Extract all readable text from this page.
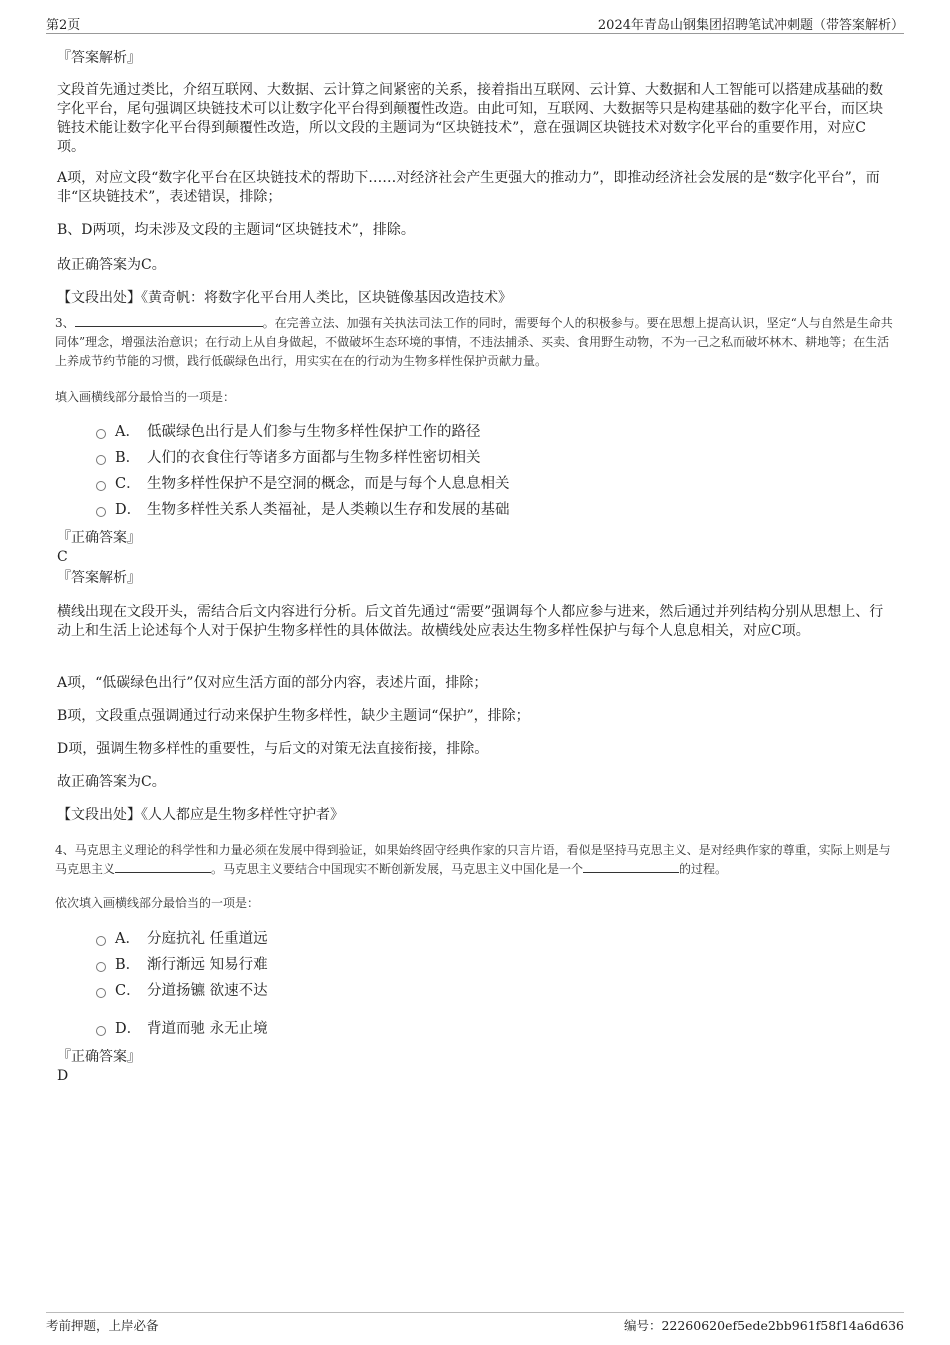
第2页	2024年青岛山钢集团招聘笔试冲刺题（带答案解析）
『答案解析』
文段首先通过类比，介绍互联网、大数据、云计算之间紧密的关系，接着指出互联网、云计算、大数据和人工智能可以搭建成基础的数字化平台，尾句强调区块链技术可以让数字化平台得到颠覆性改造。由此可知，互联网、大数据等只是构建基础的数字化平台，而区块链技术能让数字化平台得到颠覆性改造，所以文段的主题词为“区块链技术”，意在强调区块链技术对数字化平台的重要作用，对应C项。
A项，对应文段“数字化平台在区块链技术的帮助下……对经济社会产生更强大的推动力”，即推动经济社会发展的是“数字化平台”，而非“区块链技术”，表述错误，排除；
B、D两项，均未涉及文段的主题词“区块链技术”，排除。
故正确答案为C。
【文段出处】《黄奇帆：将数字化平台用人类比，区块链像基因改造技术》
3、	。在完善立法、加强有关执法司法工作的同时，需要每个人的积极参与。要在思想上提高认识，坚定“人与自然是生命共同体”理念，增强法治意识；在行动上从自身做起，不做破坏生态环境的事情，不违法捕杀、买卖、食用野生动物，不为一己之私而破坏林木、耕地等；在生活上养成节约节能的习惯，践行低碳绿色出行，用实实在在的行动为生物多样性保护贡献力量。
填入画横线部分最恰当的一项是：
A． 低碳绿色出行是人们参与生物多样性保护工作的路径
B． 人们的衣食住行等诸多方面都与生物多样性密切相关
C． 生物多样性保护不是空洞的概念，而是与每个人息息相关
D． 生物多样性关系人类福祉，是人类赖以生存和发展的基础
『正确答案』
C
『答案解析』
横线出现在文段开头，需结合后文内容进行分析。后文首先通过“需要”强调每个人都应参与进来，然后通过并列结构分别从思想上、行动上和生活上论述每个人对于保护生物多样性的具体做法。故横线处应表达生物多样性保护与每个人息息相关，对应C项。
A项，“低碳绿色出行”仅对应生活方面的部分内容，表述片面，排除；
B项，文段重点强调通过行动来保护生物多样性，缺少主题词“保护”，排除；
D项，强调生物多样性的重要性，与后文的对策无法直接衔接，排除。
故正确答案为C。
【文段出处】《人人都应是生物多样性守护者》
4、马克思主义理论的科学性和力量必须在发展中得到验证，如果始终固守经典作家的只言片语，看似是坚持马克思主义、是对经典作家的尊重，实际上则是与马克思主义	。马克思主义要结合中国现实不断创新发展，马克思主义中国化是一个	的过程。
依次填入画横线部分最恰当的一项是：
A． 分庭抗礼 任重道远
B． 渐行渐远 知易行难
C． 分道扬镳 欲速不达
D． 背道而驰 永无止境
『正确答案』
D
考前押题，上岸必备	编号：22260620ef5ede2bb961f58f14a6d636
